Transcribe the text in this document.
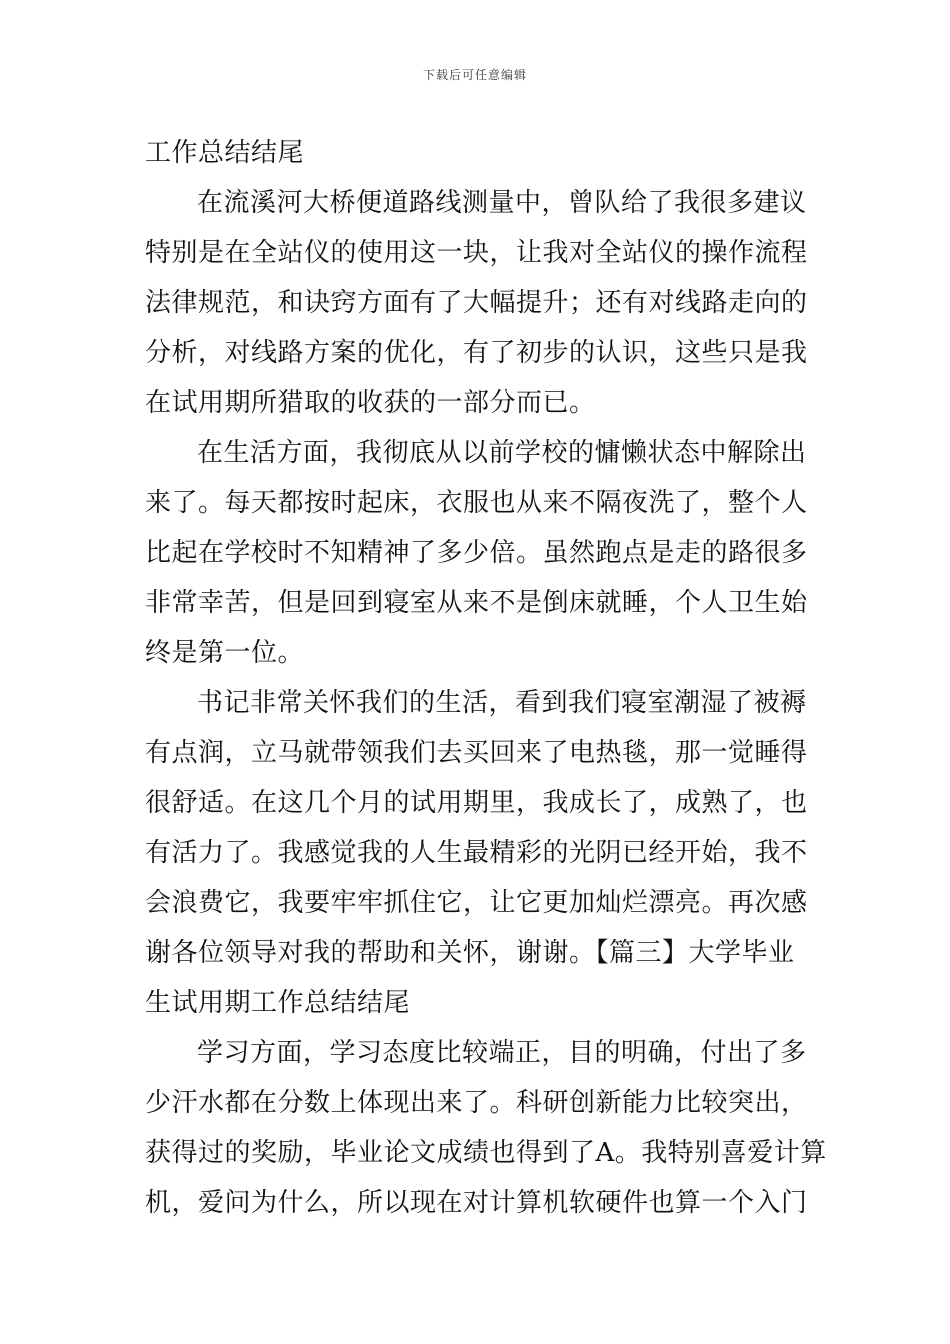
下载后可任意编辑
工作总结结尾
在流溪河大桥便道路线测量中，曾队给了我很多建议
特别是在全站仪的使用这一块，让我对全站仪的操作流程
法律规范，和诀窍方面有了大幅提升；还有对线路走向的
分析，对线路方案的优化，有了初步的认识，这些只是我
在试用期所猎取的收获的一部分而已。
在生活方面，我彻底从以前学校的慵懒状态中解除出
来了。每天都按时起床，衣服也从来不隔夜洗了，整个人
比起在学校时不知精神了多少倍。虽然跑点是走的路很多
非常幸苦，但是回到寝室从来不是倒床就睡，个人卫生始
终是第一位。
书记非常关怀我们的生活，看到我们寝室潮湿了被褥
有点润，立马就带领我们去买回来了电热毯，那一觉睡得
很舒适。在这几个月的试用期里，我成长了，成熟了，也
有活力了。我感觉我的人生最精彩的光阴已经开始，我不
会浪费它，我要牢牢抓住它，让它更加灿烂漂亮。再次感
谢各位领导对我的帮助和关怀，谢谢。【篇三】大学毕业
生试用期工作总结结尾
学习方面，学习态度比较端正，目的明确，付出了多
少汗水都在分数上体现出来了。科研创新能力比较突出，
获得过的奖励，毕业论文成绩也得到了A。我特别喜爱计算
机，爱问为什么，所以现在对计算机软硬件也算一个入门
